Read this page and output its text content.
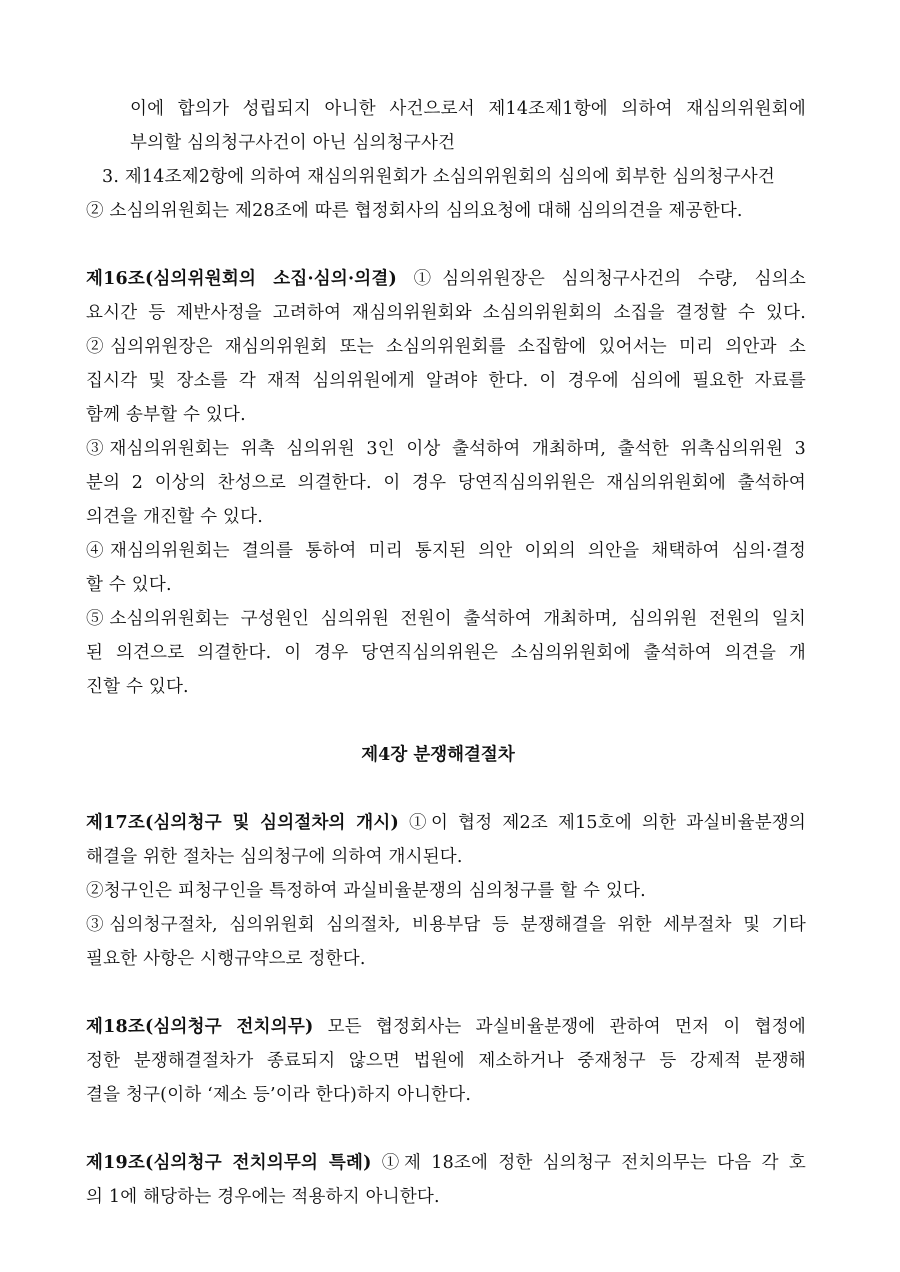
이에 합의가 성립되지 아니한 사건으로서 제14조제1항에 의하여 재심의위원회에
부의할 심의청구사건이 아닌 심의청구사건
3. 제14조제2항에 의하여 재심의위원회가 소심의위원회의 심의에 회부한 심의청구사건
② 소심의위원회는 제28조에 따른 협정회사의 심의요청에 대해 심의의견을 제공한다.
제16조(심의위원회의 소집·심의·의결) ①심의위원장은 심의청구사건의 수량, 심의소
요시간 등 제반사정을 고려하여 재심의위원회와 소심의위원회의 소집을 결정할 수 있다.
②심의위원장은 재심의위원회 또는 소심의위원회를 소집함에 있어서는 미리 의안과 소
집시각 및 장소를 각 재적 심의위원에게 알려야 한다. 이 경우에 심의에 필요한 자료를
함께 송부할 수 있다.
③재심의위원회는 위촉 심의위원 3인 이상 출석하여 개최하며, 출석한 위촉심의위원 3
분의 2 이상의 찬성으로 의결한다. 이 경우 당연직심의위원은 재심의위원회에 출석하여
의견을 개진할 수 있다.
④재심의위원회는 결의를 통하여 미리 통지된 의안 이외의 의안을 채택하여 심의·결정
할 수 있다.
⑤소심의위원회는 구성원인 심의위원 전원이 출석하여 개최하며, 심의위원 전원의 일치
된 의견으로 의결한다. 이 경우 당연직심의위원은 소심의위원회에 출석하여 의견을 개
진할 수 있다.
제4장 분쟁해결절차
제17조(심의청구 및 심의절차의 개시) ①이 협정 제2조 제15호에 의한 과실비율분쟁의
해결을 위한 절차는 심의청구에 의하여 개시된다.
②청구인은 피청구인을 특정하여 과실비율분쟁의 심의청구를 할 수 있다.
③심의청구절차, 심의위원회 심의절차, 비용부담 등 분쟁해결을 위한 세부절차 및 기타
필요한 사항은 시행규약으로 정한다.
제18조(심의청구 전치의무) 모든 협정회사는 과실비율분쟁에 관하여 먼저 이 협정에
정한 분쟁해결절차가 종료되지 않으면 법원에 제소하거나 중재청구 등 강제적 분쟁해
결을 청구(이하 ‘제소 등’이라 한다)하지 아니한다.
제19조(심의청구 전치의무의 특례) ①제 18조에 정한 심의청구 전치의무는 다음 각 호
의 1에 해당하는 경우에는 적용하지 아니한다.
